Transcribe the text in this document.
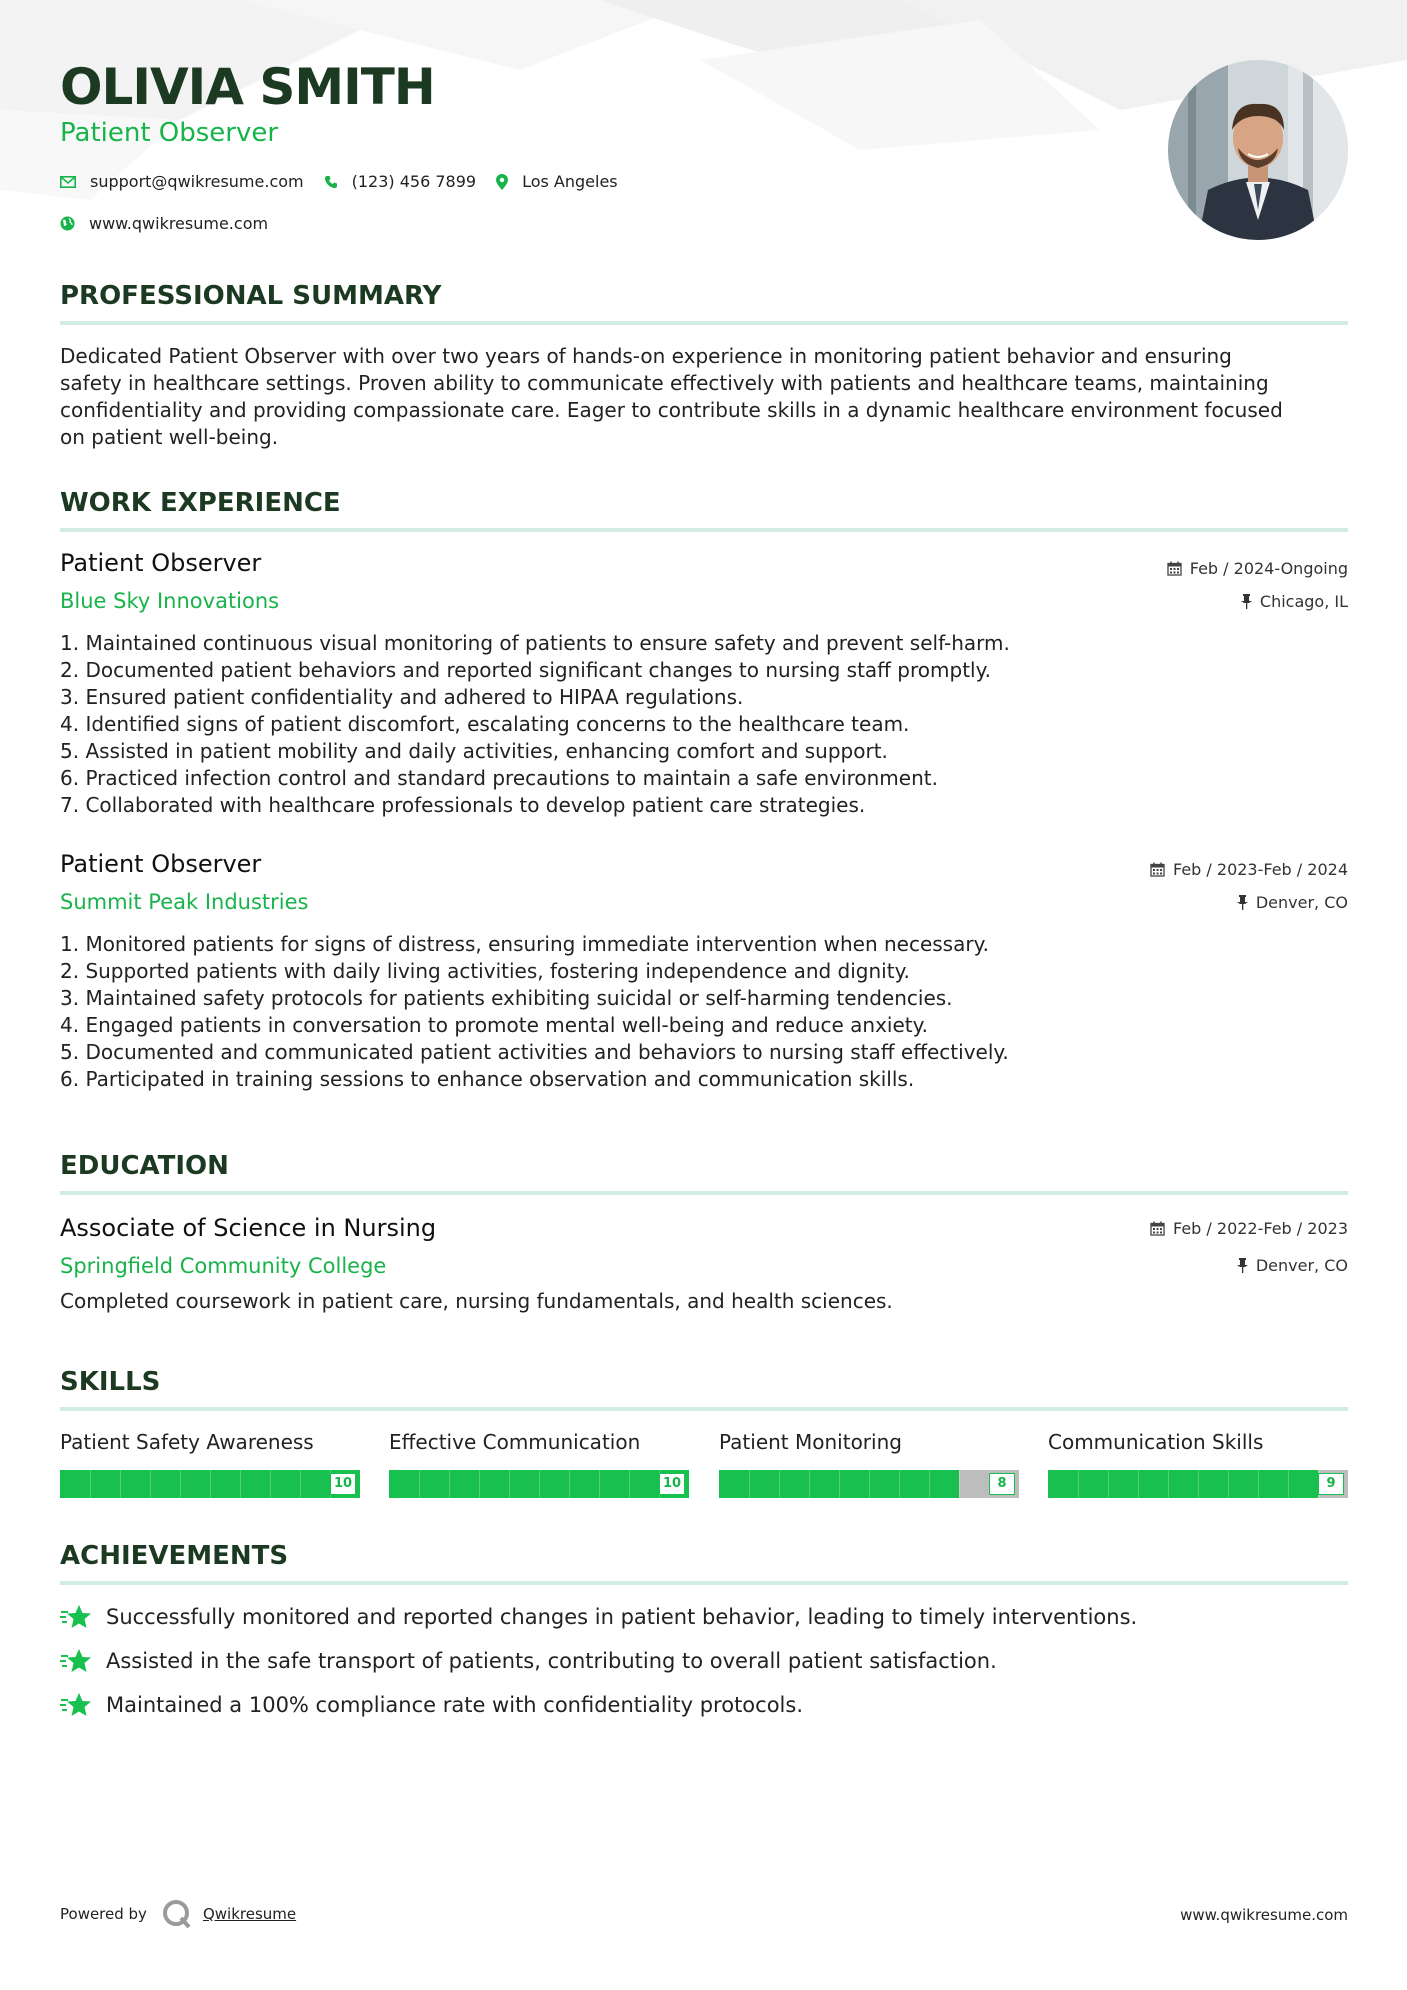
OLIVIA SMITH
Patient Observer
support@qwikresume.com	(123) 456 7899	Los Angeles
www.qwikresume.com
PROFESSIONAL SUMMARY
Dedicated Patient Observer with over two years of hands-on experience in monitoring patient behavior and ensuring
safety in healthcare settings. Proven ability to communicate effectively with patients and healthcare teams, maintaining
confidentiality and providing compassionate care. Eager to contribute skills in a dynamic healthcare environment focused
on patient well-being.
WORK EXPERIENCE
Patient Observer
Blue Sky Innovations
Feb / 2024-Ongoing
Chicago, IL
1. Maintained continuous visual monitoring of patients to ensure safety and prevent self-harm.
2. Documented patient behaviors and reported significant changes to nursing staff promptly.
3. Ensured patient confidentiality and adhered to HIPAA regulations.
4. Identified signs of patient discomfort, escalating concerns to the healthcare team.
5. Assisted in patient mobility and daily activities, enhancing comfort and support.
6. Practiced infection control and standard precautions to maintain a safe environment.
7. Collaborated with healthcare professionals to develop patient care strategies.
Patient Observer
Summit Peak Industries
Feb / 2023-Feb / 2024
Denver, CO
1. Monitored patients for signs of distress, ensuring immediate intervention when necessary.
2. Supported patients with daily living activities, fostering independence and dignity.
3. Maintained safety protocols for patients exhibiting suicidal or self-harming tendencies.
4. Engaged patients in conversation to promote mental well-being and reduce anxiety.
5. Documented and communicated patient activities and behaviors to nursing staff effectively.
6. Participated in training sessions to enhance observation and communication skills.
EDUCATION
Associate of Science in Nursing
Springfield Community College
Feb / 2022-Feb / 2023
Denver, CO
Completed coursework in patient care, nursing fundamentals, and health sciences.
SKILLS
Patient Safety Awareness
10
Effective Communication
10
Patient Monitoring
8
Communication Skills
9
ACHIEVEMENTS
Successfully monitored and reported changes in patient behavior, leading to timely interventions.
Assisted in the safe transport of patients, contributing to overall patient satisfaction.
Maintained a 100% compliance rate with confidentiality protocols.
Powered by	Qwikresume	www.qwikresume.com
